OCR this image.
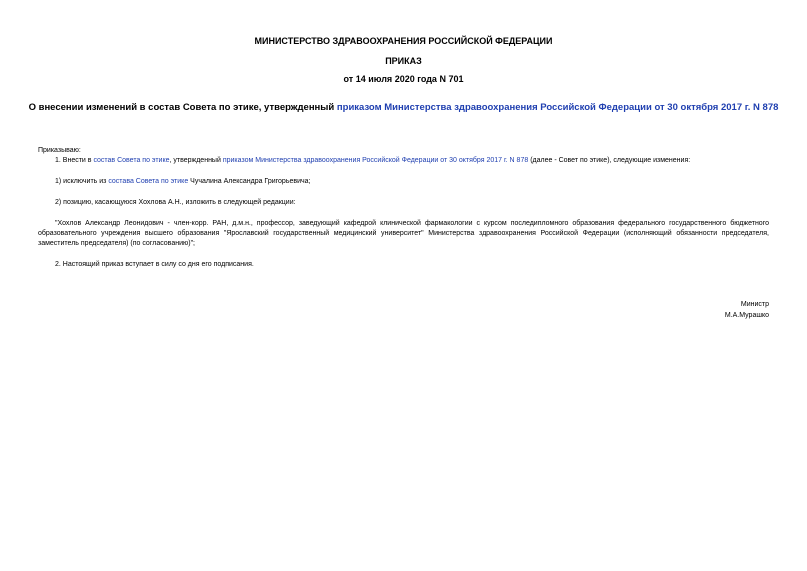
МИНИСТЕРСТВО ЗДРАВООХРАНЕНИЯ РОССИЙСКОЙ ФЕДЕРАЦИИ
ПРИКАЗ
от 14 июля 2020 года N 701
О внесении изменений в состав Совета по этике, утвержденный приказом Министерства здравоохранения Российской Федерации от 30 октября 2017 г. N 878
Приказываю:
1. Внести в состав Совета по этике, утвержденный приказом Министерства здравоохранения Российской Федерации от 30 октября 2017 г. N 878 (далее - Совет по этике), следующие изменения:
1) исключить из состава Совета по этике Чучалина Александра Григорьевича;
2) позицию, касающуюся Хохлова А.Н., изложить в следующей редакции:
"Хохлов Александр Леонидович - член-корр. РАН, д.м.н., профессор, заведующий кафедрой клинической фармакологии с курсом последипломного образования федерального государственного бюджетного образовательного учреждения высшего образования "Ярославский государственный медицинский университет" Министерства здравоохранения Российской Федерации (исполняющий обязанности председателя, заместитель председателя) (по согласованию)";
2. Настоящий приказ вступает в силу со дня его подписания.
Министр
М.А.Мурашко
